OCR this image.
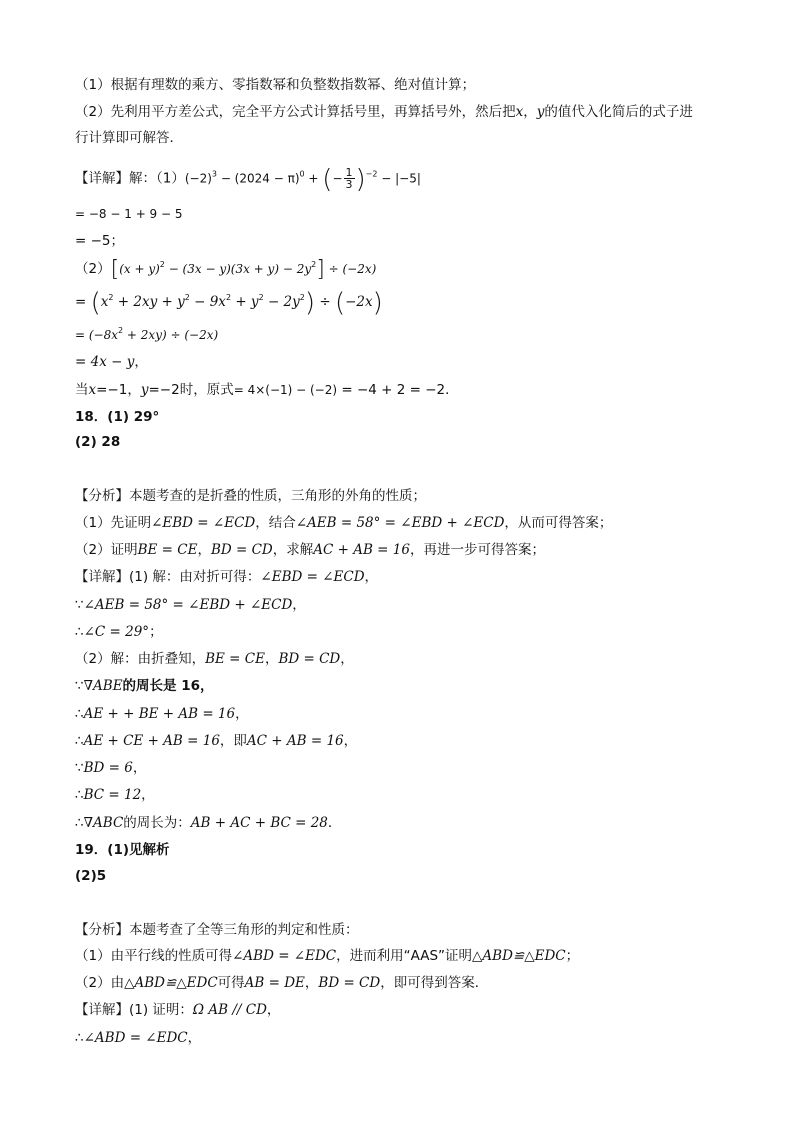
（1）根据有理数的乘方、零指数幂和负整数指数幂、绝对值计算；
（2）先利用平方差公式，完全平方公式计算括号里，再算括号外，然后把x，y的值代入化简后的式子进
行计算即可解答．
【详解】解：$(1)(-2)^3 - (2024 - \pi)^0$ + (− $\frac{1}{3} )^{-2} - |-5|$
= −8 − 1 + 9 − 5
= −5；
$(2)[(x + y)^2 - (3x - y)(3x + y) - 2y^2] \div (-2x)$
= $(x^2 + 2xy + y^2 - 9x^2 + y^2 - 2y^2) \div (-2x)$
= $(-8x^2 + 2xy) \div (-2x)$
= 4x − y，
当x=−1，y=−2时，原式= 4×(−1) − (−2) = −4 + 2 = −2．
18．(1) 29°
(2) 28
【分析】本题考查的是折叠的性质，三角形的外角的性质；
（1）先证明∠EBD = ∠ECD，结合∠AEB = 58° = ∠EBD + ∠ECD，从而可得答案；
（2）证明BE = CE，BD = CD，求解AC + AB = 16，再进一步可得答案；
【详解】(1) 解：由对折可得：∠EBD = ∠ECD，
∵∠AEB = 58° = ∠EBD + ∠ECD，
∴∠C = 29°；
（2）解：由折叠知，BE = CE，BD = CD，
∵∇ABE的周长是 16，
∴AE + + BE + AB = 16，
∴AE + CE + AB = 16，即AC + AB = 16，
∵BD = 6，
∴BC = 12，
∴∇ABC的周长为：AB + AC + BC = 28．
19．(1)见解析
(2)5
【分析】本题考查了全等三角形的判定和性质：
（1）由平行线的性质可得∠ABD = ∠EDC，进而利用“AAS”证明△ABD≌△EDC；
（2）由△ABD≌△EDC可得AB = DE，BD = CD，即可得到答案．
【详解】(1) 证明：Ω AB // CD，
∴∠ABD = ∠EDC，
